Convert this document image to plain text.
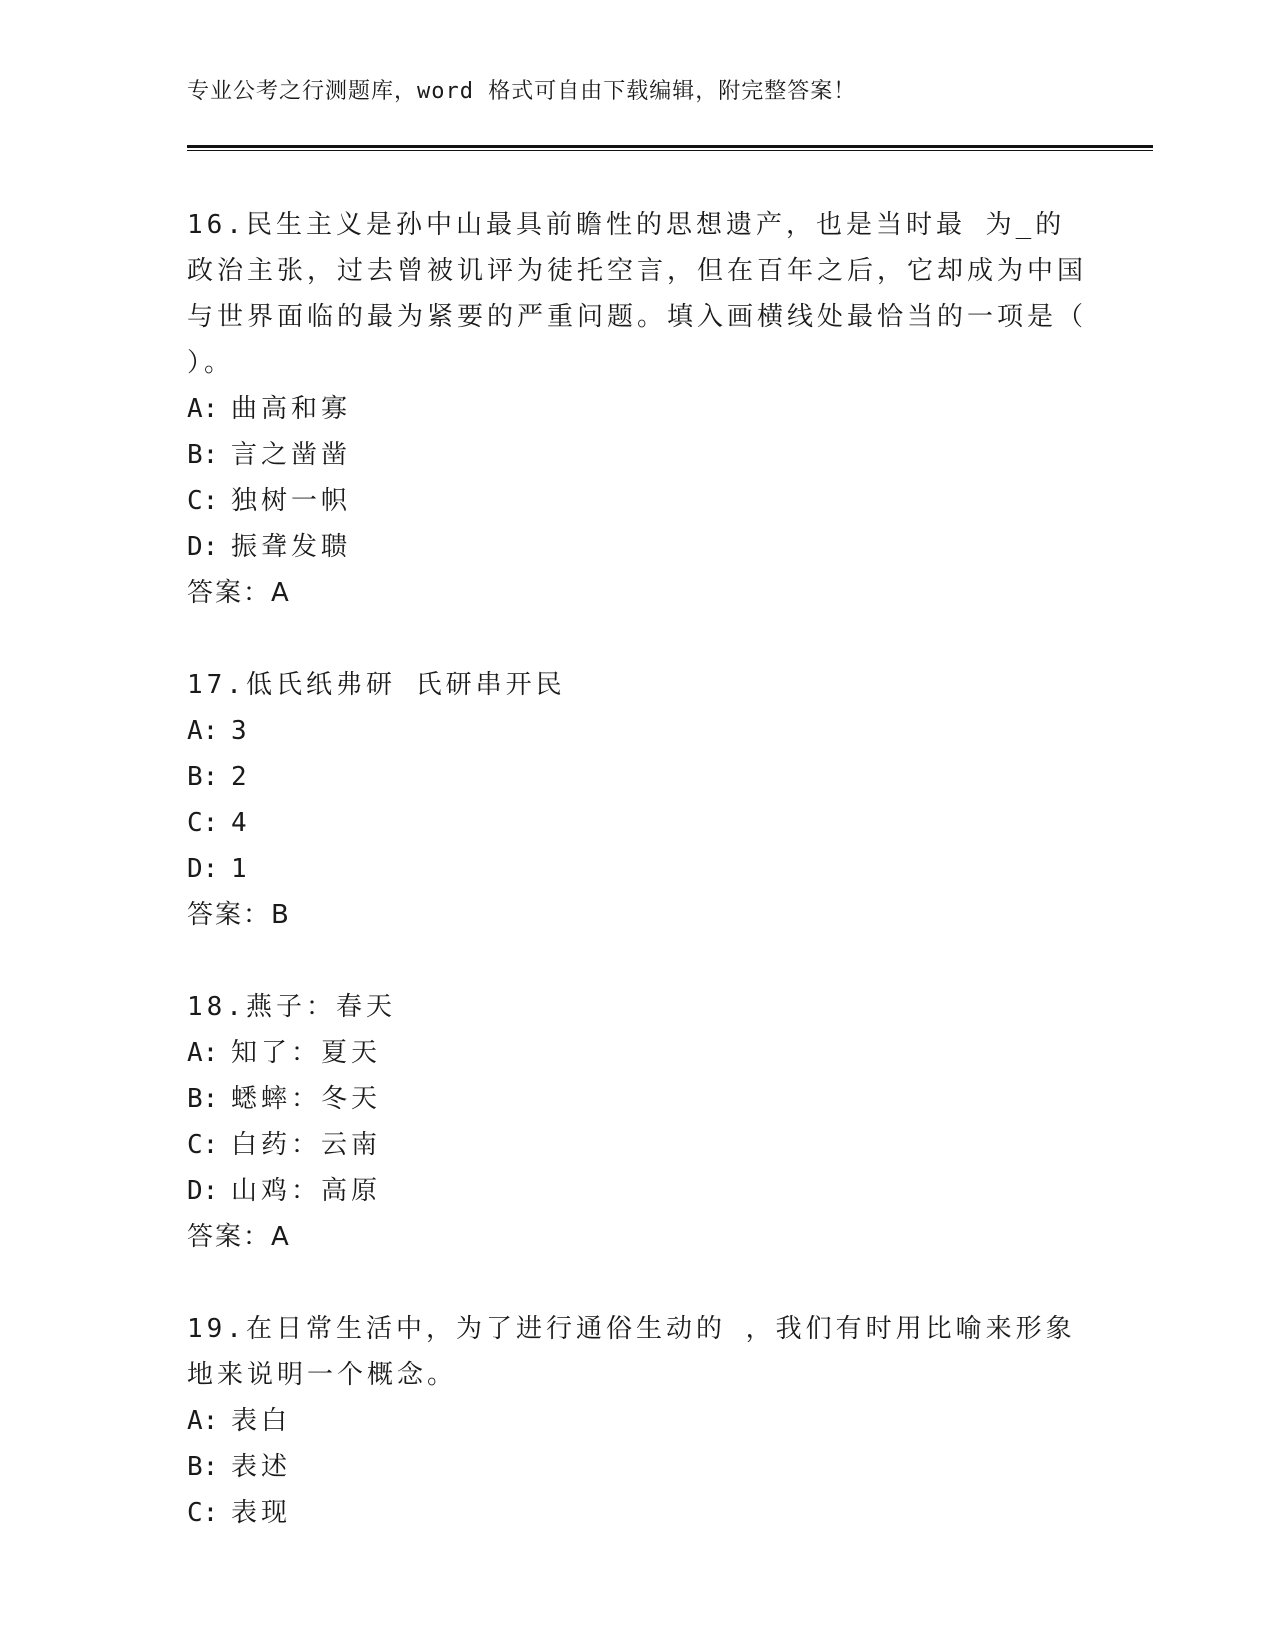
专业公考之行测题库，word 格式可自由下载编辑，附完整答案！

16.民生主义是孙中山最具前瞻性的思想遗产，也是当时最 为_的政治主张，过去曾被讥评为徒托空言，但在百年之后，它却成为中国与世界面临的最为紧要的严重问题。填入画横线处最恰当的一项是（ ）。

A: 曲高和寡

B: 言之凿凿

C: 独树一帜

D: 振聋发聩

答案：A

17.低氏纸弗研 氏研串开民

A: 3

B: 2

C: 4

D: 1

答案：B

18.燕子：春天

A: 知了：夏天

B: 蟋蟀：冬天

C: 白药：云南

D: 山鸡：高原

答案：A

19.在日常生活中，为了进行通俗生动的 ，我们有时用比喻来形象地来说明一个概念。

A: 表白

B: 表述

C: 表现
